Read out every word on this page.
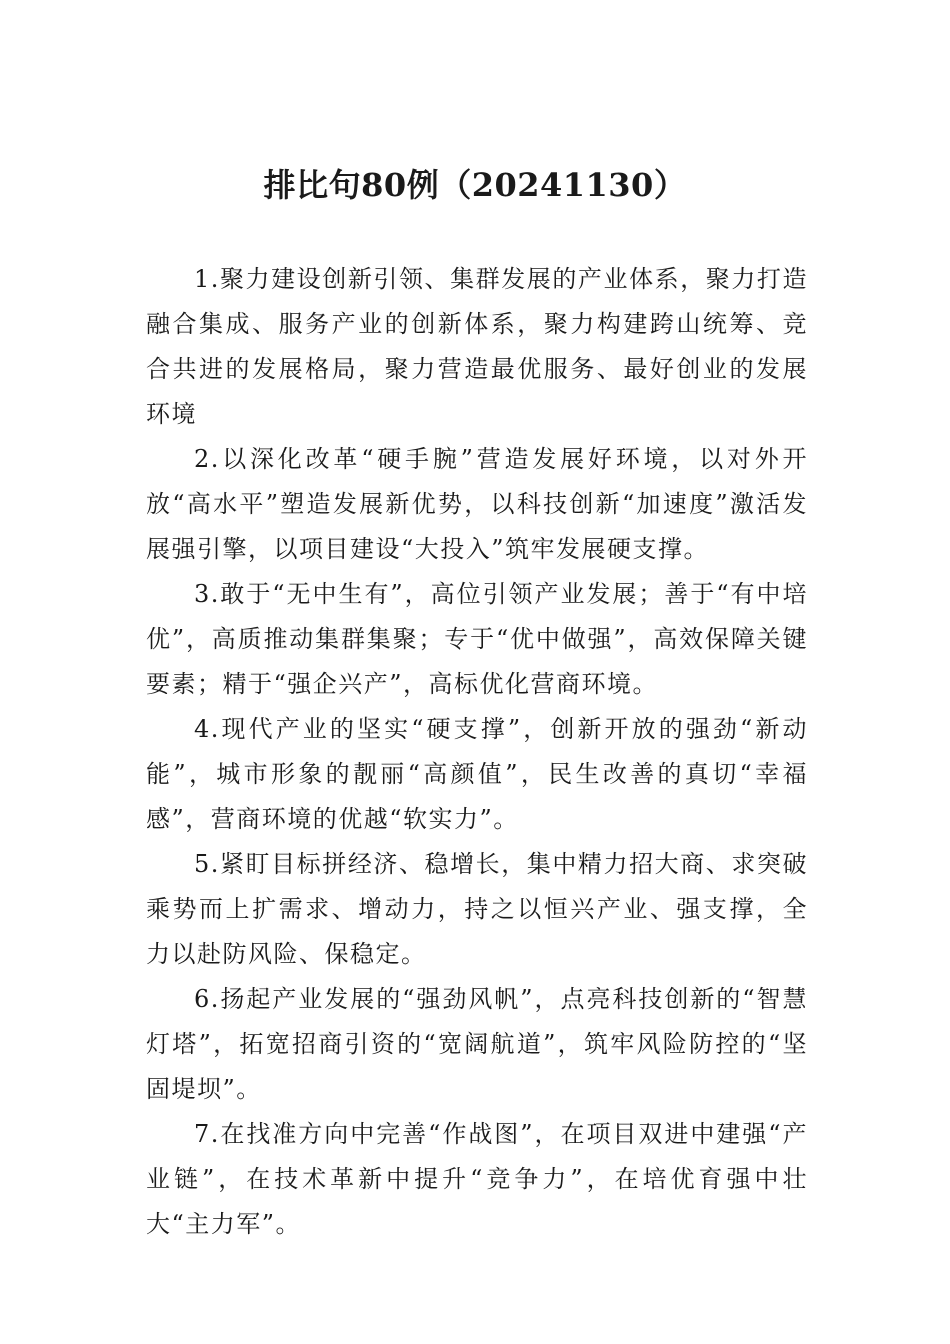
排比句80例（20241130）

1.聚力建设创新引领、集群发展的产业体系，聚力打造融合集成、服务产业的创新体系，聚力构建跨山统筹、竞合共进的发展格局，聚力营造最优服务、最好创业的发展环境

2.以深化改革“硬手腕”营造发展好环境，以对外开放“高水平”塑造发展新优势，以科技创新“加速度”激活发展强引擎，以项目建设“大投入”筑牢发展硬支撑。

3.敢于“无中生有”，高位引领产业发展；善于“有中培优”，高质推动集群集聚；专于“优中做强”，高效保障关键要素；精于“强企兴产”，高标优化营商环境。

4.现代产业的坚实“硬支撑”，创新开放的强劲“新动能”，城市形象的靓丽“高颜值”，民生改善的真切“幸福感”，营商环境的优越“软实力”。

5.紧盯目标拼经济、稳增长，集中精力招大商、求突破乘势而上扩需求、增动力，持之以恒兴产业、强支撑，全力以赴防风险、保稳定。

6.扬起产业发展的“强劲风帆”，点亮科技创新的“智慧灯塔”，拓宽招商引资的“宽阔航道”，筑牢风险防控的“坚固堤坝”。

7.在找准方向中完善“作战图”，在项目双进中建强“产业链”，在技术革新中提升“竞争力”，在培优育强中壮大“主力军”。
